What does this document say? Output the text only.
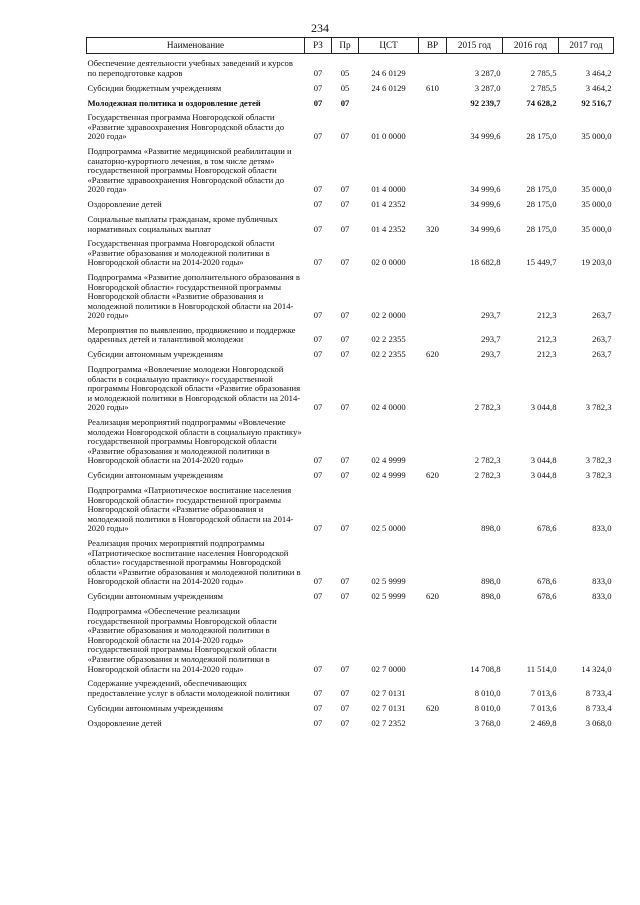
234
Наименование	РЗ	Пр	ЦСТ	ВР	2015 год	2016 год	2017 год
Обеспечение деятельности учебных заведений и курсов по переподготовке кадров	07	05	24 6 0129		3 287,0	2 785,5	3 464,2
Субсидии бюджетным учреждениям	07	05	24 6 0129	610	3 287,0	2 785,5	3 464,2
Молодежная политика и оздоровление детей	07	07			92 239,7	74 628,2	92 516,7
Государственная программа Новгородской области «Развитие здравоохранения Новгородской области до 2020 года»	07	07	01 0 0000		34 999,6	28 175,0	35 000,0
Подпрограмма «Развитие медицинской реабилитации и санаторно-курортного лечения, в том числе детям» государственной программы Новгородской области «Развитие здравоохранения Новгородской области до 2020 года»	07	07	01 4 0000		34 999,6	28 175,0	35 000,0
Оздоровление детей	07	07	01 4 2352		34 999,6	28 175,0	35 000,0
Социальные выплаты гражданам, кроме публичных нормативных социальных выплат	07	07	01 4 2352	320	34 999,6	28 175,0	35 000,0
Государственная программа Новгородской области «Развитие образования и молодежной политики в Новгородской области на 2014-2020 годы»	07	07	02 0 0000		18 682,8	15 449,7	19 203,0
Подпрограмма «Развитие дополнительного образования в Новгородской области» государственной программы Новгородской области «Развитие образования и молодежной политики в Новгородской области на 2014-2020 годы»	07	07	02 2 0000		293,7	212,3	263,7
Мероприятия по выявлению, продвижению и поддержке одаренных детей и талантливой молодежи	07	07	02 2 2355		293,7	212,3	263,7
Субсидии автономным учреждениям	07	07	02 2 2355	620	293,7	212,3	263,7
Подпрограмма «Вовлечение молодежи Новгородской области в социальную практику» государственной программы Новгородской области «Развитие образования и молодежной политики в Новгородской области на 2014-2020 годы»	07	07	02 4 0000		2 782,3	3 044,8	3 782,3
Реализация мероприятий подпрограммы «Вовлечение молодежи Новгородской области в социальную практику» государственной программы Новгородской области «Развитие образования и молодежной политики в Новгородской области на 2014-2020 годы»	07	07	02 4 9999		2 782,3	3 044,8	3 782,3
Субсидии автономным учреждениям	07	07	02 4 9999	620	2 782,3	3 044,8	3 782,3
Подпрограмма «Патриотическое воспитание населения Новгородской области» государственной программы Новгородской области «Развитие образования и молодежной политики в Новгородской области на 2014-2020 годы»	07	07	02 5 0000		898,0	678,6	833,0
Реализация прочих мероприятий подпрограммы «Патриотическое воспитание населения Новгородской области» государственной программы Новгородской области «Развитие образования и молодежной политики в Новгородской области на 2014-2020 годы»	07	07	02 5 9999		898,0	678,6	833,0
Субсидии автономным учреждениям	07	07	02 5 9999	620	898,0	678,6	833,0
Подпрограмма «Обеспечение реализации государственной программы Новгородской области «Развитие образования и молодежной политики в Новгородской области на 2014-2020 годы» государственной программы Новгородской области «Развитие образования и молодежной политики в Новгородской области на 2014-2020 годы»	07	07	02 7 0000		14 708,8	11 514,0	14 324,0
Содержание учреждений, обеспечивающих предоставление услуг в области молодежной политики	07	07	02 7 0131		8 010,0	7 013,6	8 733,4
Субсидии автономным учреждениям	07	07	02 7 0131	620	8 010,0	7 013,6	8 733,4
Оздоровление детей	07	07	02 7 2352		3 768,0	2 469,8	3 068,0
